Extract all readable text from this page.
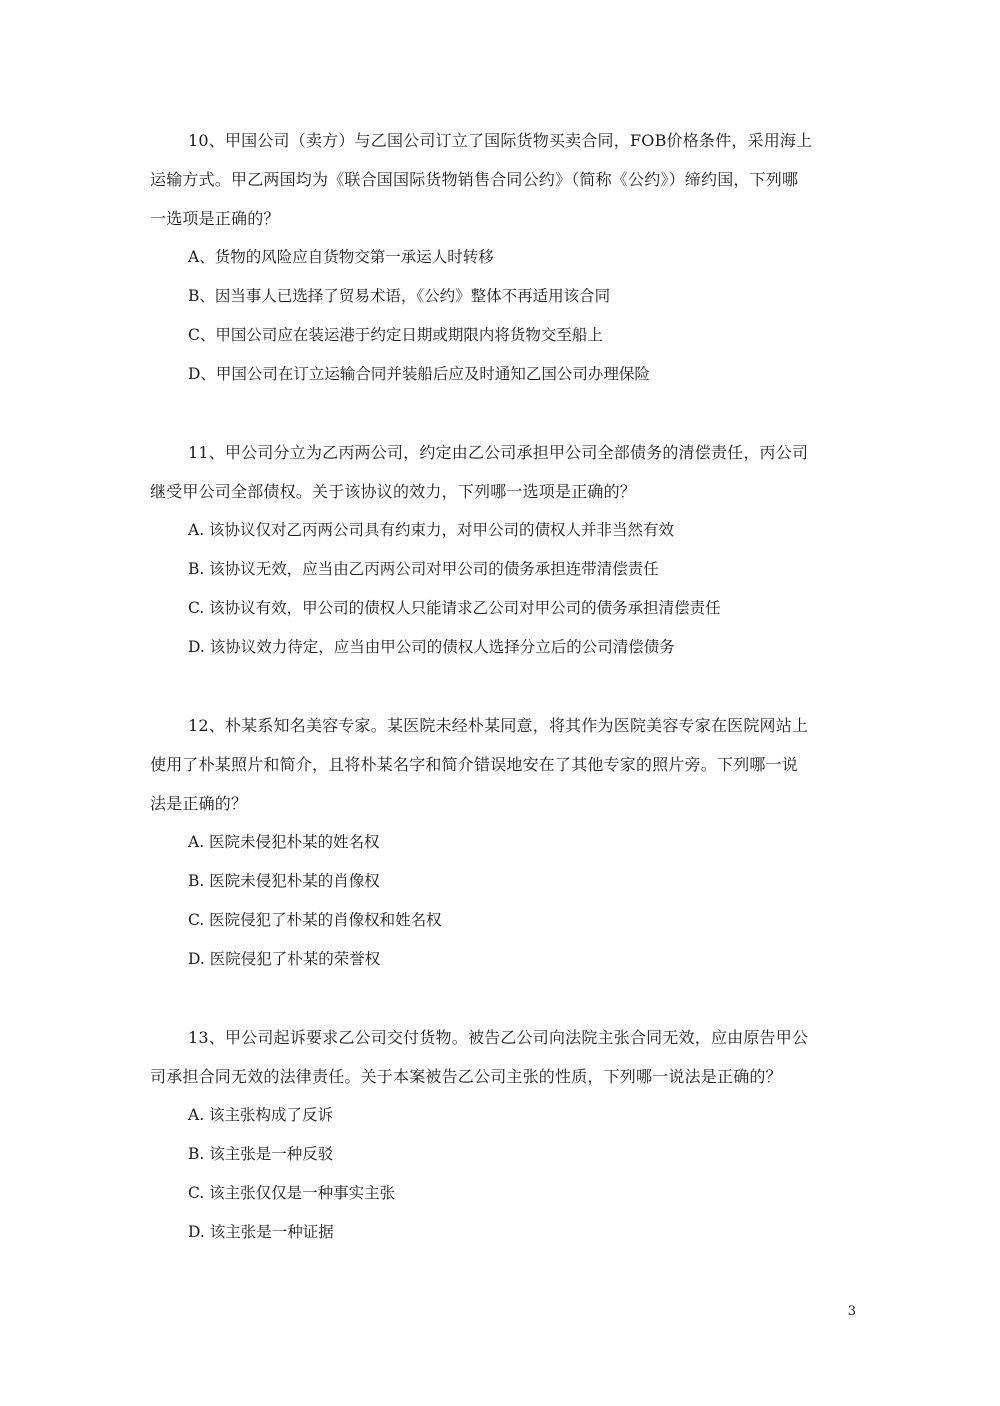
10、甲国公司（卖方）与乙国公司订立了国际货物买卖合同，FOB价格条件，采用海上
运输方式。甲乙两国均为《联合国国际货物销售合同公约》（简称《公约》）缔约国，下列哪
一选项是正确的？
A、货物的风险应自货物交第一承运人时转移
B、因当事人已选择了贸易术语，《公约》整体不再适用该合同
C、甲国公司应在装运港于约定日期或期限内将货物交至船上
D、甲国公司在订立运输合同并装船后应及时通知乙国公司办理保险
11、甲公司分立为乙丙两公司，约定由乙公司承担甲公司全部债务的清偿责任，丙公司
继受甲公司全部债权。关于该协议的效力，下列哪一选项是正确的？
A. 该协议仅对乙丙两公司具有约束力，对甲公司的债权人并非当然有效
B. 该协议无效，应当由乙丙两公司对甲公司的债务承担连带清偿责任
C. 该协议有效，甲公司的债权人只能请求乙公司对甲公司的债务承担清偿责任
D. 该协议效力待定，应当由甲公司的债权人选择分立后的公司清偿债务
12、朴某系知名美容专家。某医院未经朴某同意，将其作为医院美容专家在医院网站上
使用了朴某照片和简介，且将朴某名字和简介错误地安在了其他专家的照片旁。下列哪一说
法是正确的？
A. 医院未侵犯朴某的姓名权
B. 医院未侵犯朴某的肖像权
C. 医院侵犯了朴某的肖像权和姓名权
D. 医院侵犯了朴某的荣誉权
13、甲公司起诉要求乙公司交付货物。被告乙公司向法院主张合同无效，应由原告甲公
司承担合同无效的法律责任。关于本案被告乙公司主张的性质，下列哪一说法是正确的？
A. 该主张构成了反诉
B. 该主张是一种反驳
C. 该主张仅仅是一种事实主张
D. 该主张是一种证据
3
